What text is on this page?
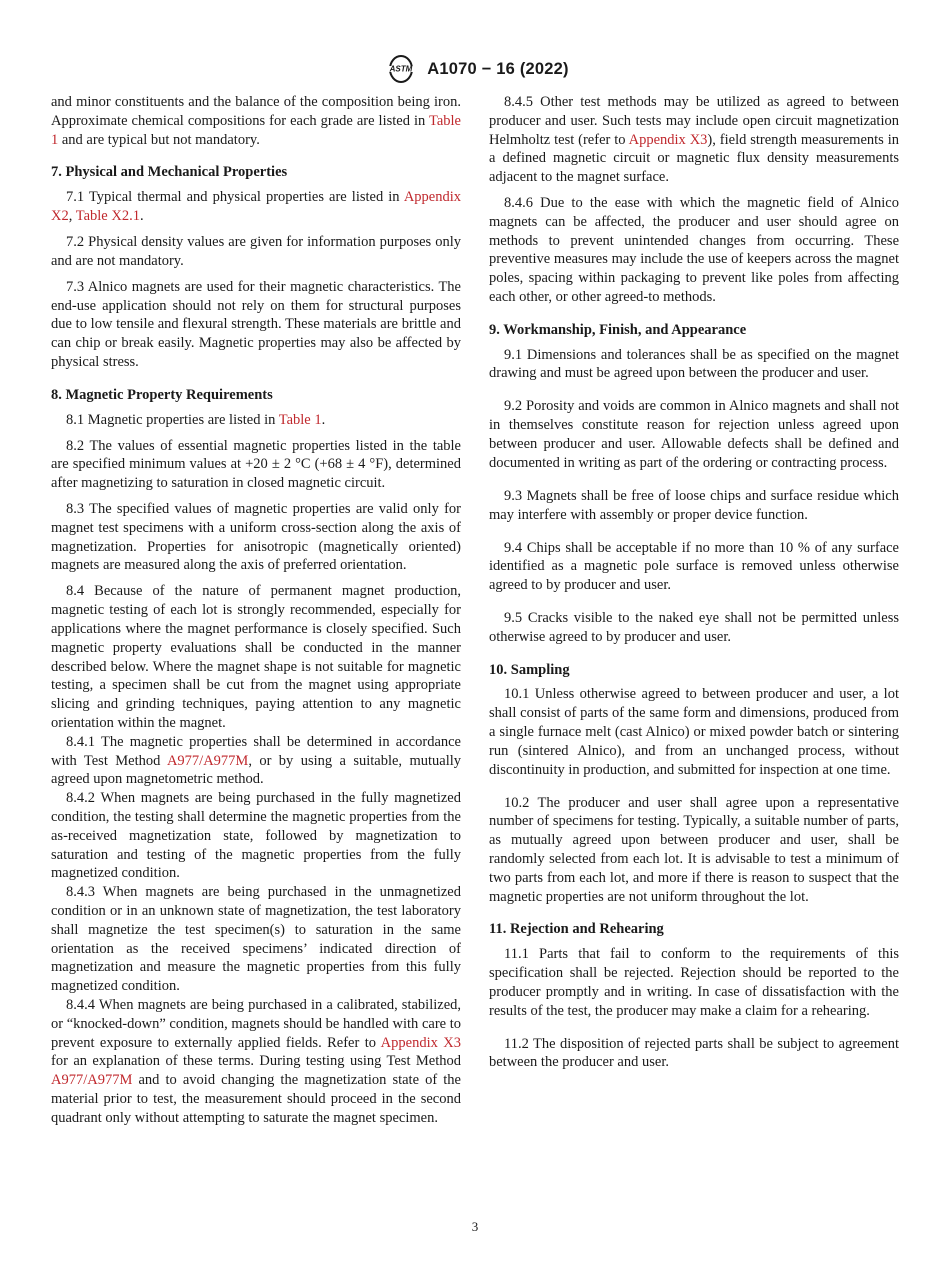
ASTM A1070 − 16 (2022)

and minor constituents and the balance of the composition being iron. Approximate chemical compositions for each grade are listed in Table 1 and are typical but not mandatory.

7. Physical and Mechanical Properties

7.1 Typical thermal and physical properties are listed in Appendix X2, Table X2.1.

7.2 Physical density values are given for information purposes only and are not mandatory.

7.3 Alnico magnets are used for their magnetic characteristics. The end-use application should not rely on them for structural purposes due to low tensile and flexural strength. These materials are brittle and can chip or break easily. Magnetic properties may also be affected by physical stress.

8. Magnetic Property Requirements

8.1 Magnetic properties are listed in Table 1.

8.2 The values of essential magnetic properties listed in the table are specified minimum values at +20 ± 2 °C (+68 ± 4 °F), determined after magnetizing to saturation in closed magnetic circuit.

8.3 The specified values of magnetic properties are valid only for magnet test specimens with a uniform cross-section along the axis of magnetization. Properties for anisotropic (magnetically oriented) magnets are measured along the axis of preferred orientation.

8.4 Because of the nature of permanent magnet production, magnetic testing of each lot is strongly recommended, especially for applications where the magnet performance is closely specified. Such magnetic property evaluations shall be conducted in the manner described below. Where the magnet shape is not suitable for magnetic testing, a specimen shall be cut from the magnet using appropriate slicing and grinding techniques, paying attention to any magnetic orientation within the magnet.

8.4.1 The magnetic properties shall be determined in accordance with Test Method A977/A977M, or by using a suitable, mutually agreed upon magnetometric method.

8.4.2 When magnets are being purchased in the fully magnetized condition, the testing shall determine the magnetic properties from the as-received magnetization state, followed by magnetization to saturation and testing of the magnetic properties from the fully magnetized condition.

8.4.3 When magnets are being purchased in the unmagnetized condition or in an unknown state of magnetization, the test laboratory shall magnetize the test specimen(s) to saturation in the same orientation as the received specimens’ indicated direction of magnetization and measure the magnetic properties from this fully magnetized condition.

8.4.4 When magnets are being purchased in a calibrated, stabilized, or “knocked-down” condition, magnets should be handled with care to prevent exposure to externally applied fields. Refer to Appendix X3 for an explanation of these terms. During testing using Test Method A977/A977M and to avoid changing the magnetization state of the material prior to test, the measurement should proceed in the second quadrant only without attempting to saturate the magnet specimen.

8.4.5 Other test methods may be utilized as agreed to between producer and user. Such tests may include open circuit magnetization Helmholtz test (refer to Appendix X3), field strength measurements in a defined magnetic circuit or magnetic flux density measurements adjacent to the magnet surface.

8.4.6 Due to the ease with which the magnetic field of Alnico magnets can be affected, the producer and user should agree on methods to prevent unintended changes from occurring. These preventive measures may include the use of keepers across the magnet poles, spacing within packaging to prevent like poles from affecting each other, or other agreed-to methods.

9. Workmanship, Finish, and Appearance

9.1 Dimensions and tolerances shall be as specified on the magnet drawing and must be agreed upon between the producer and user.

9.2 Porosity and voids are common in Alnico magnets and shall not in themselves constitute reason for rejection unless agreed upon between producer and user. Allowable defects shall be defined and documented in writing as part of the ordering or contracting process.

9.3 Magnets shall be free of loose chips and surface residue which may interfere with assembly or proper device function.

9.4 Chips shall be acceptable if no more than 10 % of any surface identified as a magnetic pole surface is removed unless otherwise agreed to by producer and user.

9.5 Cracks visible to the naked eye shall not be permitted unless otherwise agreed to by producer and user.

10. Sampling

10.1 Unless otherwise agreed to between producer and user, a lot shall consist of parts of the same form and dimensions, produced from a single furnace melt (cast Alnico) or mixed powder batch or sintering run (sintered Alnico), and from an unchanged process, without discontinuity in production, and submitted for inspection at one time.

10.2 The producer and user shall agree upon a representative number of specimens for testing. Typically, a suitable number of parts, as mutually agreed upon between producer and user, shall be randomly selected from each lot. It is advisable to test a minimum of two parts from each lot, and more if there is reason to suspect that the magnetic properties are not uniform throughout the lot.

11. Rejection and Rehearing

11.1 Parts that fail to conform to the requirements of this specification shall be rejected. Rejection should be reported to the producer promptly and in writing. In case of dissatisfaction with the results of the test, the producer may make a claim for a rehearing.

11.2 The disposition of rejected parts shall be subject to agreement between the producer and user.

3
